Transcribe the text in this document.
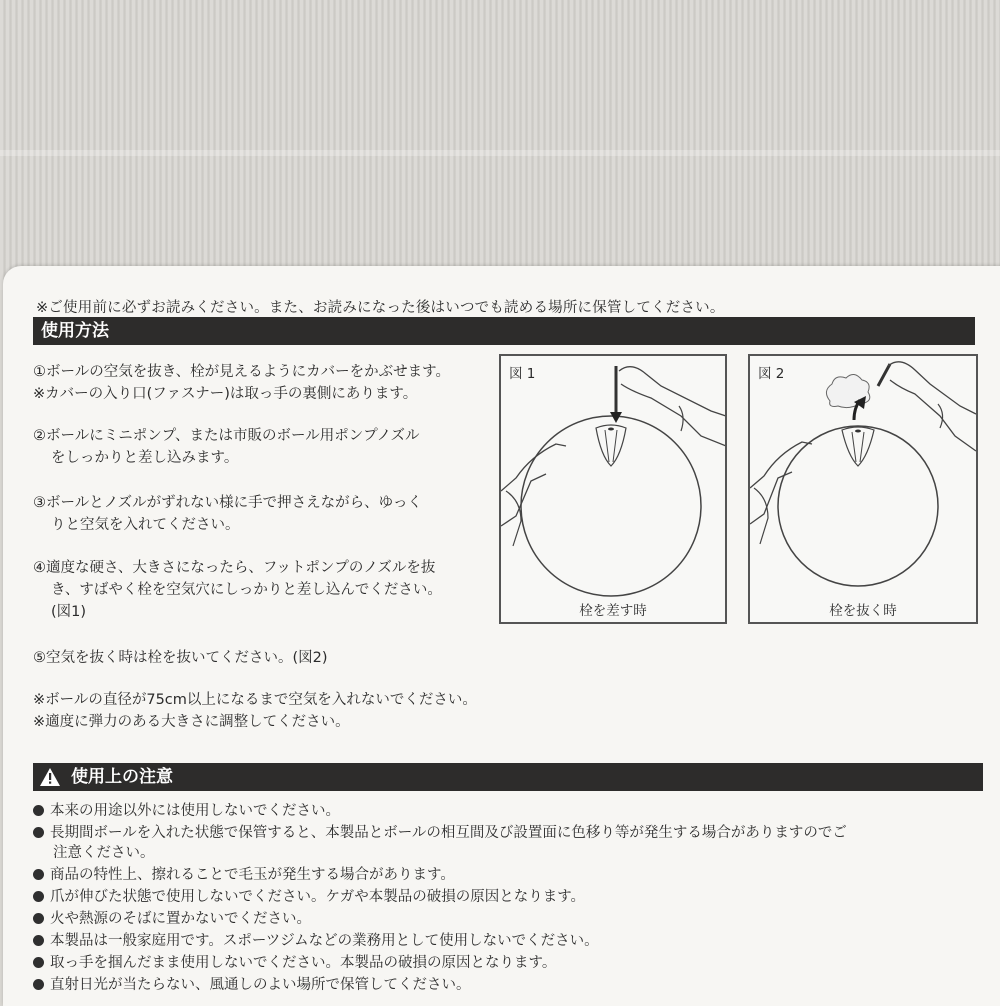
※ご使用前に必ずお読みください。また、お読みになった後はいつでも読める場所に保管してください。
使用方法
①ボールの空気を抜き、栓が見えるようにカバーをかぶせます。
※カバーの入り口(ファスナー)は取っ手の裏側にあります。
②ボールにミニポンプ、または市販のボール用ポンプノズル
をしっかりと差し込みます。
③ボールとノズルがずれない様に手で押さえながら、ゆっく
りと空気を入れてください。
④適度な硬さ、大きさになったら、フットポンプのノズルを抜
き、すばやく栓を空気穴にしっかりと差し込んでください。
(図1)
⑤空気を抜く時は栓を抜いてください。(図2)
※ボールの直径が75cm以上になるまで空気を入れないでください。
※適度に弾力のある大きさに調整してください。
図 1
栓を差す時
図 2
栓を抜く時
使用上の注意
本来の用途以外には使用しないでください。
長期間ボールを入れた状態で保管すると、本製品とボールの相互間及び設置面に色移り等が発生する場合がありますのでご
注意ください。
商品の特性上、擦れることで毛玉が発生する場合があります。
爪が伸びた状態で使用しないでください。ケガや本製品の破損の原因となります。
火や熱源のそばに置かないでください。
本製品は一般家庭用です。スポーツジムなどの業務用として使用しないでください。
取っ手を掴んだまま使用しないでください。本製品の破損の原因となります。
直射日光が当たらない、風通しのよい場所で保管してください。
